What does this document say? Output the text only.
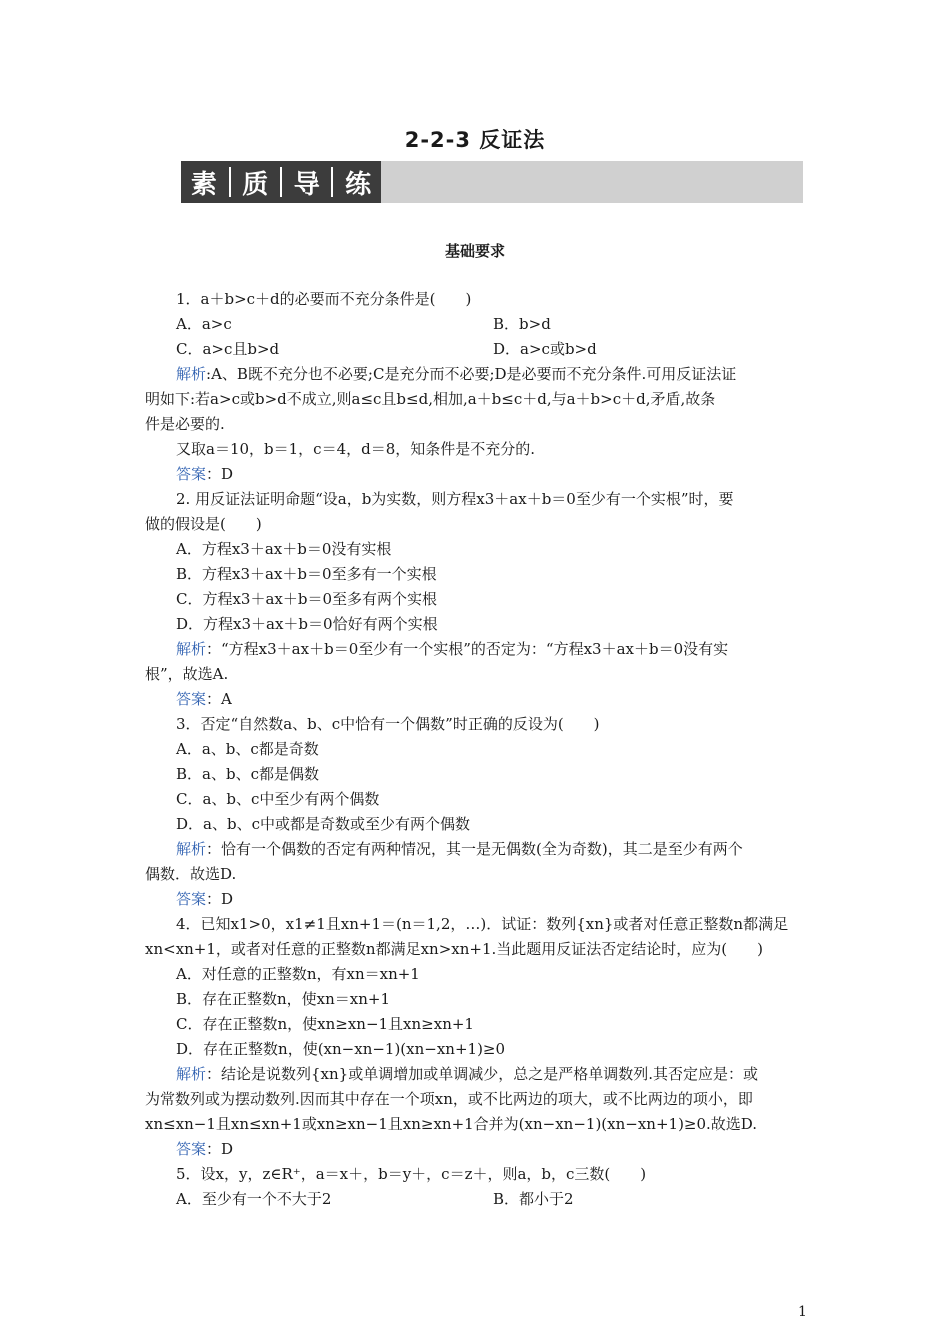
2-2-3 反证法
素 质 导 练
基础要求
1．a＋b>c＋d的必要而不充分条件是(　　)
A．a>c	B．b>d
C．a>c且b>d	D．a>c或b>d
解析:A、B既不充分也不必要;C是充分而不必要;D是必要而不充分条件.可用反证法证
明如下:若a>c或b>d不成立,则a≤c且b≤d,相加,a＋b≤c＋d,与a＋b>c＋d,矛盾,故条
件是必要的.
又取a＝10，b＝1，c＝4，d＝8，知条件是不充分的.
答案：D
2. 用反证法证明命题“设a，b为实数，则方程x3＋ax＋b＝0至少有一个实根”时，要
做的假设是(　　)
A．方程x3＋ax＋b＝0没有实根
B．方程x3＋ax＋b＝0至多有一个实根
C．方程x3＋ax＋b＝0至多有两个实根
D．方程x3＋ax＋b＝0恰好有两个实根
解析：“方程x3＋ax＋b＝0至少有一个实根”的否定为：“方程x3＋ax＋b＝0没有实
根”，故选A.
答案：A
3．否定“自然数a、b、c中恰有一个偶数”时正确的反设为(　　)
A．a、b、c都是奇数
B．a、b、c都是偶数
C．a、b、c中至少有两个偶数
D．a、b、c中或都是奇数或至少有两个偶数
解析：恰有一个偶数的否定有两种情况，其一是无偶数(全为奇数)，其二是至少有两个
偶数．故选D.
答案：D
4．已知x1>0，x1≠1且xn+1＝(n＝1,2，…)．试证：数列{xn}或者对任意正整数n都满足
xn<xn+1，或者对任意的正整数n都满足xn>xn+1.当此题用反证法否定结论时，应为(　　)
A．对任意的正整数n，有xn＝xn+1
B．存在正整数n，使xn＝xn+1
C．存在正整数n，使xn≥xn−1且xn≥xn+1
D．存在正整数n，使(xn−xn−1)(xn−xn+1)≥0
解析：结论是说数列{xn}或单调增加或单调减少，总之是严格单调数列.其否定应是：或
为常数列或为摆动数列.因而其中存在一个项xn，或不比两边的项大，或不比两边的项小，即
xn≤xn−1且xn≤xn+1或xn≥xn−1且xn≥xn+1合并为(xn−xn−1)(xn−xn+1)≥0.故选D.
答案：D
5．设x，y，z∈R⁺，a＝x＋，b＝y＋，c＝z＋，则a，b，c三数(　　)
A．至少有一个不大于2	B．都小于2
1
